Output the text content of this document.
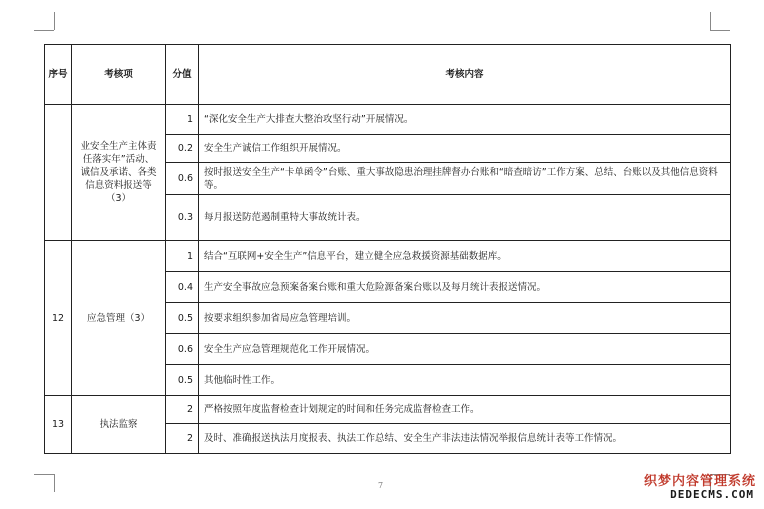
序号	考核项	分值	考核内容
	业安全生产主体责任落实年”活动、诚信及承诺、各类信息资料报送等（3）	1	“深化安全生产大排查大整治攻坚行动”开展情况。
		0.2	安全生产诚信工作组织开展情况。
		0.6	按时报送安全生产“卡单函令”台账、重大事故隐患治理挂牌督办台账和“暗查暗访”工作方案、总结、台账以及其他信息资料等。
		0.3	每月报送防范遏制重特大事故统计表。
12	应急管理（3）	1	结合“互联网+安全生产”信息平台，建立健全应急救援资源基础数据库。
		0.4	生产安全事故应急预案备案台账和重大危险源备案台账以及每月统计表报送情况。
		0.5	按要求组织参加省局应急管理培训。
		0.6	安全生产应急管理规范化工作开展情况。
		0.5	其他临时性工作。
13	执法监察	2	严格按照年度监督检查计划规定的时间和任务完成监督检查工作。
		2	及时、准确报送执法月度报表、执法工作总结、安全生产非法违法情况举报信息统计表等工作情况。
7	织梦内容管理系统
DEDECMS.COM
